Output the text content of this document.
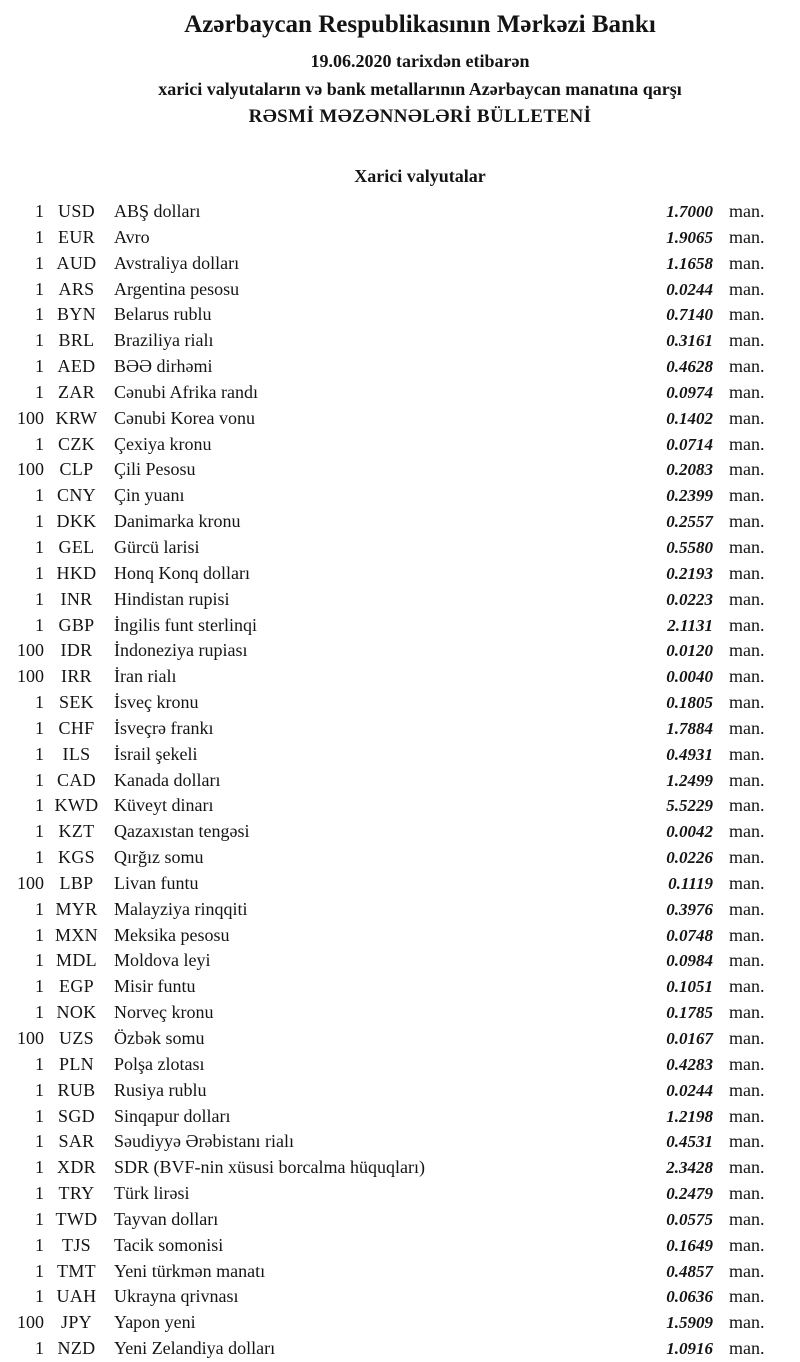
Azərbaycan Respublikasının Mərkəzi Bankı
19.06.2020 tarixdən etibarən
xarici valyutaların və bank metallarının Azərbaycan manatına qarşı
RƏSMİ MƏZƏNNƏLƏRİ BÜLLETENİ
Xarici valyutalar
1 USD	ABŞ dolları	1.7000 man.
1 EUR	Avro	1.9065 man.
1 AUD Avstraliya dolları	1.1658 man.
1 ARS	Argentina pesosu	0.0244 man.
1 BYN	Belarus rublu	0.7140 man.
1 BRL	Braziliya rialı	0.3161 man.
1 AED	BƏƏ dirhəmi	0.4628 man.
1 ZAR	Cənubi Afrika randı	0.0974 man.
100 KRW Cənubi Korea vonu	0.1402 man.
1 CZK	Çexiya kronu	0.0714 man.
100 CLP	Çili Pesosu	0.2083 man.
1 CNY	Çin yuanı	0.2399 man.
1 DKK Danimarka kronu	0.2557 man.
1 GEL	Gürcü larisi	0.5580 man.
1 HKD Honq Konq dolları	0.2193 man.
1 INR	Hindistan rupisi	0.0223 man.
1 GBP	İngilis funt sterlinqi	2.1131 man.
100 IDR	İndoneziya rupiası	0.0120 man.
100 IRR	İran rialı	0.0040 man.
1 SEK	İsveç kronu	0.1805 man.
1 CHF	İsveçrə frankı	1.7884 man.
1	ILS	İsrail şekeli	0.4931 man.
1 CAD	Kanada dolları	1.2499 man.
1 KWD Küveyt dinarı	5.5229 man.
1 KZT	Qazaxıstan tengəsi	0.0042 man.
1 KGS	Qırğız somu	0.0226 man.
100 LBP	Livan funtu	0.1119 man.
1 MYR Malayziya rinqqiti	0.3976 man.
1 MXN Meksika pesosu	0.0748 man.
1 MDL Moldova leyi	0.0984 man.
1 EGP	Misir funtu	0.1051 man.
1 NOK Norveç kronu	0.1785 man.
100 UZS	Özbək somu	0.0167 man.
1 PLN	Polşa zlotası	0.4283 man.
1 RUB	Rusiya rublu	0.0244 man.
1 SGD	Sinqapur dolları	1.2198 man.
1 SAR	Səudiyyə Ərəbistanı rialı	0.4531 man.
1 XDR	SDR (BVF-nin xüsusi borcalma hüquqları)	2.3428 man.
1 TRY	Türk lirəsi	0.2479 man.
1 TWD Tayvan dolları	0.0575 man.
1	TJS	Tacik somonisi	0.1649 man.
1 TMT	Yeni türkmən manatı	0.4857 man.
1 UAH Ukrayna qrivnası	0.0636 man.
100 JPY	Yapon yeni	1.5909 man.
1 NZD	Yeni Zelandiya dolları	1.0916 man.
